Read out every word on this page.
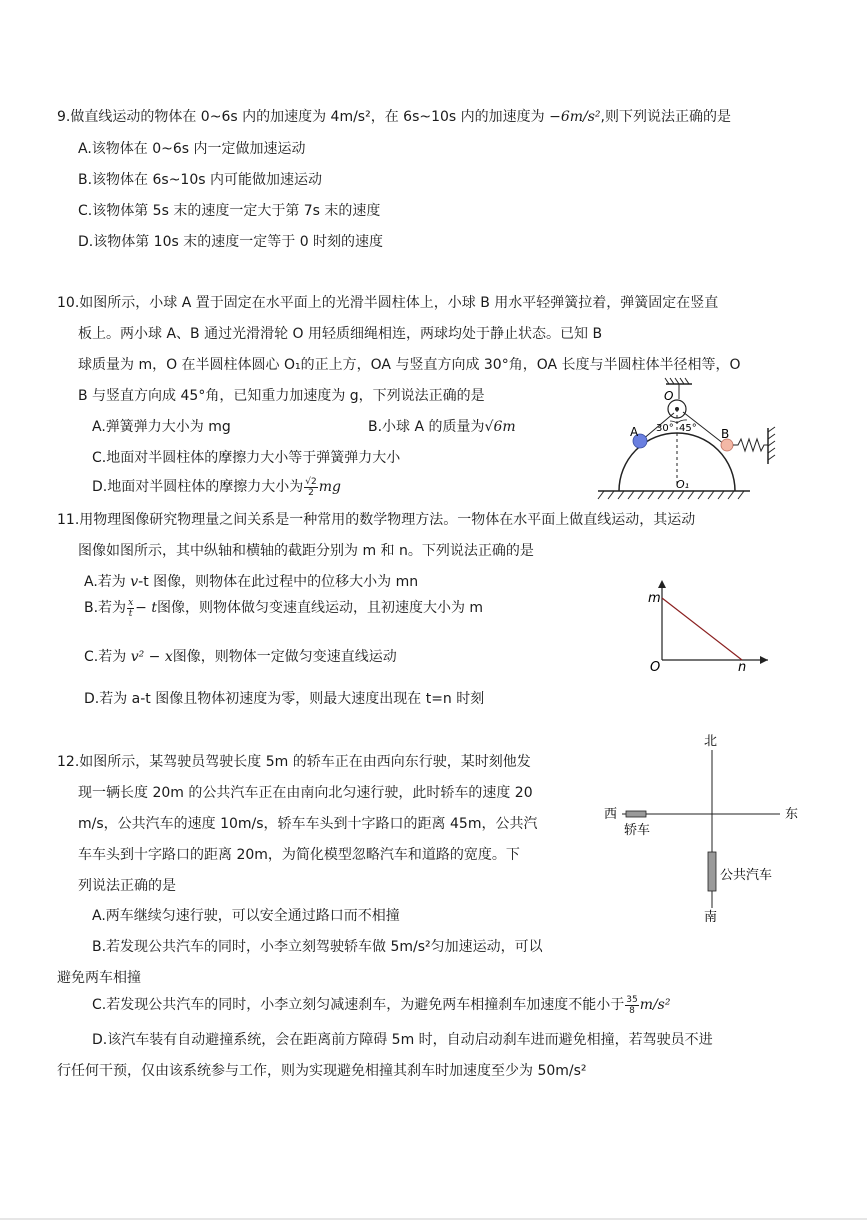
9.做直线运动的物体在 0~6s 内的加速度为 4m/s²，在 6s~10s 内的加速度为 −6m/s²,则下列说法正确的是
A.该物体在 0~6s 内一定做加速运动
B.该物体在 6s~10s 内可能做加速运动
C.该物体第 5s 末的速度一定大于第 7s 末的速度
D.该物体第 10s 末的速度一定等于 0 时刻的速度
10.如图所示，小球 A 置于固定在水平面上的光滑半圆柱体上，小球 B 用水平轻弹簧拉着，弹簧固定在竖直
板上。两小球 A、B 通过光滑滑轮 O 用轻质细绳相连，两球均处于静止状态。已知 B
球质量为 m，O 在半圆柱体圆心 O₁的正上方，OA 与竖直方向成 30°角，OA 长度与半圆柱体半径相等，O
B 与竖直方向成 45°角，已知重力加速度为 g，下列说法正确的是
A.弹簧弹力大小为 mg	B.小球 A 的质量为√6m
C.地面对半圆柱体的摩擦力大小等于弹簧弹力大小
D.地面对半圆柱体的摩擦力大小为 $\frac{√2}{2}$ mg
O
A	B
30° 45°
O₁
11.用物理图像研究物理量之间关系是一种常用的数学物理方法。一物体在水平面上做直线运动，其运动
图像如图所示，其中纵轴和横轴的截距分别为 m 和 n。下列说法正确的是
A.若为 v-t 图像，则物体在此过程中的位移大小为 mn
B.若为 $\frac{x}{t} - t$图像，则物体做匀变速直线运动，且初速度大小为 m
C.若为 v² − x图像，则物体一定做匀变速直线运动
D.若为 a-t 图像且物体初速度为零，则最大速度出现在 t=n 时刻
m
O	n
12.如图所示，某驾驶员驾驶长度 5m 的轿车正在由西向东行驶，某时刻他发
现一辆长度 20m 的公共汽车正在由南向北匀速行驶，此时轿车的速度 20
m/s，公共汽车的速度 10m/s，轿车车头到十字路口的距离 45m，公共汽
车车头到十字路口的距离 20m，为简化模型忽略汽车和道路的宽度。下
列说法正确的是
A.两车继续匀速行驶，可以安全通过路口而不相撞
B.若发现公共汽车的同时，小李立刻驾驶轿车做 5m/s²匀加速运动，可以
避免两车相撞
C.若发现公共汽车的同时，小李立刻匀减速刹车，为避免两车相撞刹车加速度不能小于 $\frac{35}{8} m/s^2$
D.该汽车装有自动避撞系统，会在距离前方障碍 5m 时，自动启动刹车进而避免相撞，若驾驶员不进
行任何干预，仅由该系统参与工作，则为实现避免相撞其刹车时加速度至少为 50m/s²
北
南
西	东
轿车
公共汽车
